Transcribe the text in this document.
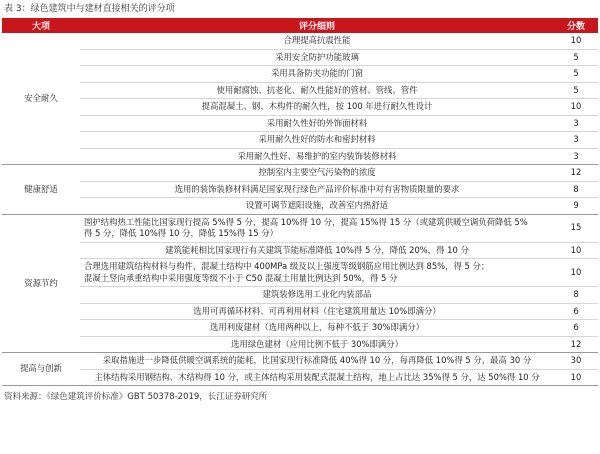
表 3：绿色建筑中与建材直接相关的评分项
大项	评分细则	分数
安全耐久	合理提高抗震性能	10
	采用安全防护功能玻璃	5
	采用具备防夹功能的门窗	5
	使用耐腐蚀、抗老化、耐久性能好的管材、管线、管件	5
	提高混凝土、钢、木构件的耐久性，按 100 年进行耐久性设计	10
	采用耐久性好的外饰面材料	3
	采用耐久性好的防水和密封材料	3
	采用耐久性好、易维护的室内装饰装修材料	3
健康舒适	控制室内主要空气污染物的浓度	12
	选用的装饰装修材料满足国家现行绿色产品评价标准中对有害物质限量的要求	8
	设置可调节遮阳设施，改善室内热舒适	9
资源节约	围护结构热工性能比国家现行提高 5%得 5 分，提高 10%得 10 分，提高 15%得 15 分（或建筑供暖空调负荷降低 5%
得 5 分，降低 10%得 10 分，降低 15%得 15 分）	15
	建筑能耗相比国家现行有关建筑节能标准降低 10%得 5 分，降低 20%，得 10 分	10

	合理选用建筑结构材料与构件，混凝土结构中 400MPa 级及以上强度等级钢筋应用比例达到 85%，得 5 分；
混凝土竖向承重结构中采用强度等级不小于 C50 混凝土用量比例达到 50%，得 5 分	10
	建筑装修选用工业化内装部品	8
	选用可再循环材料、可再利用材料（住宅建筑用量达 10%即满分）	6
	选用利废建材（选用两种以上，每种不低于 30%即满分）	6
	选用绿色建材（应用比例不低于 30%即满分）	12
提高与创新	采取措施进一步降低供暖空调系统的能耗，比国家现行标准降低 40%得 10 分，每再降低 10%得 5 分，最高 30 分	30
	主体结构采用钢结构、木结构得 10 分，或主体结构采用装配式混凝土结构，地上占比达 35%得 5 分，达 50%得 10 分	10
资料来源：《绿色建筑评价标准》GBT 50378-2019，长江证券研究所
